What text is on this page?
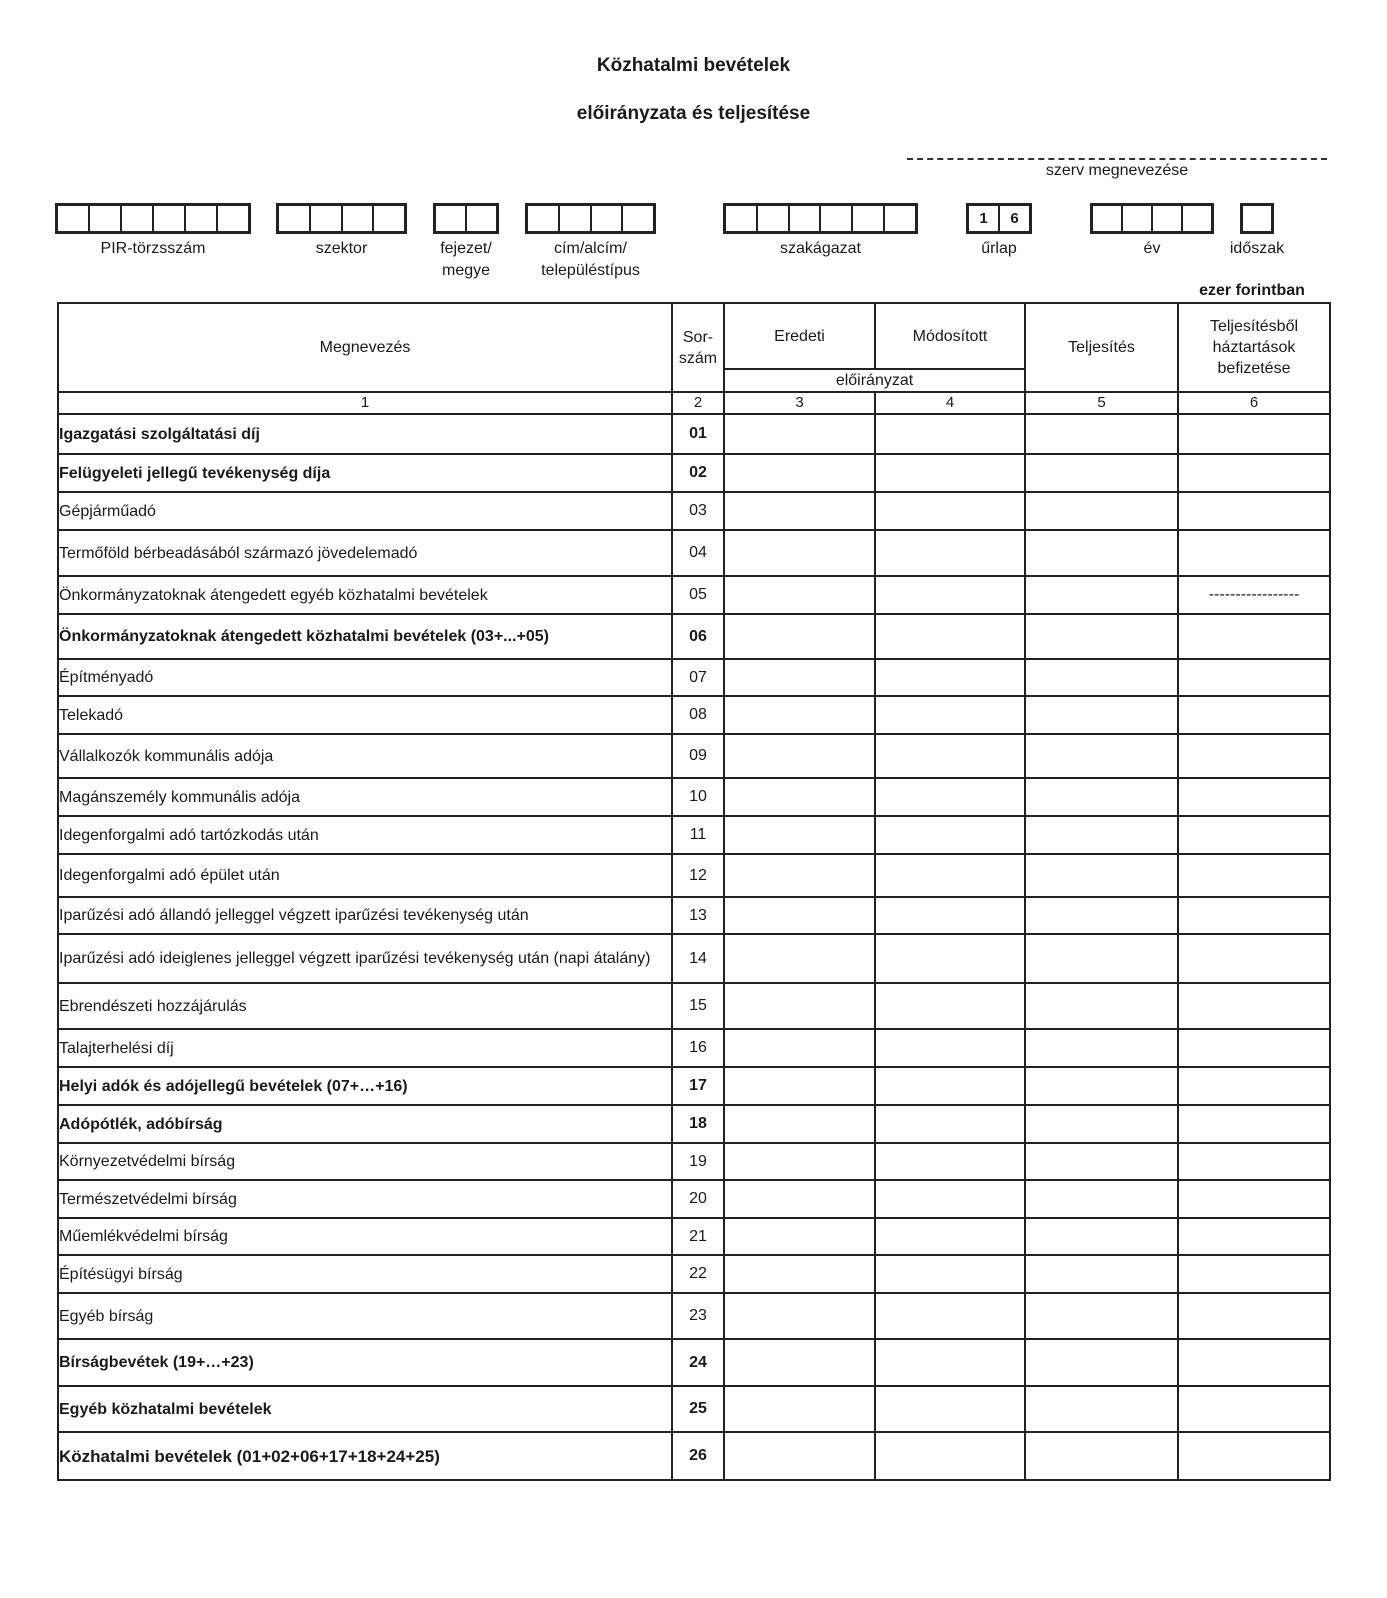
Közhatalmi bevételek
előirányzata és teljesítése
szerv megnevezése
PIR-törzsszám	szektor	fejezet/
megye
cím/alcím/
településtípus
szakágazat
1	6
űrlap	év	időszak
ezer forintban
Megnevezés	Sor-
szám	Eredeti	Módosított	Teljesítés	Teljesítésből
háztartások
befizetése
		előirányzat			
1	2	3	4	5	6
Igazgatási szolgáltatási díj	01				
Felügyeleti jellegű tevékenység díja	02				
Gépjárműadó	03				
Termőföld bérbeadásából származó jövedelemadó	04				
Önkormányzatoknak átengedett egyéb közhatalmi bevételek	05				-----------------
Önkormányzatoknak átengedett közhatalmi bevételek (03+...+05)	06				
Építményadó	07				
Telekadó	08				
Vállalkozók kommunális adója	09				
Magánszemély kommunális adója	10				
Idegenforgalmi adó tartózkodás után	11				
Idegenforgalmi adó épület után	12				
Iparűzési adó állandó jelleggel végzett iparűzési tevékenység után	13				
Iparűzési adó ideiglenes jelleggel végzett iparűzési tevékenység után (napi átalány)	14				
Ebrendészeti hozzájárulás	15				
Talajterhelési díj	16				
Helyi adók és adójellegű bevételek (07+…+16)	17				
Adópótlék, adóbírság	18				
Környezetvédelmi bírság	19				
Természetvédelmi bírság	20				
Műemlékvédelmi bírság	21				
Építésügyi bírság	22				
Egyéb bírság	23				
Bírságbevétek (19+…+23)	24				
Egyéb közhatalmi bevételek	25				
Közhatalmi bevételek (01+02+06+17+18+24+25)	26				
